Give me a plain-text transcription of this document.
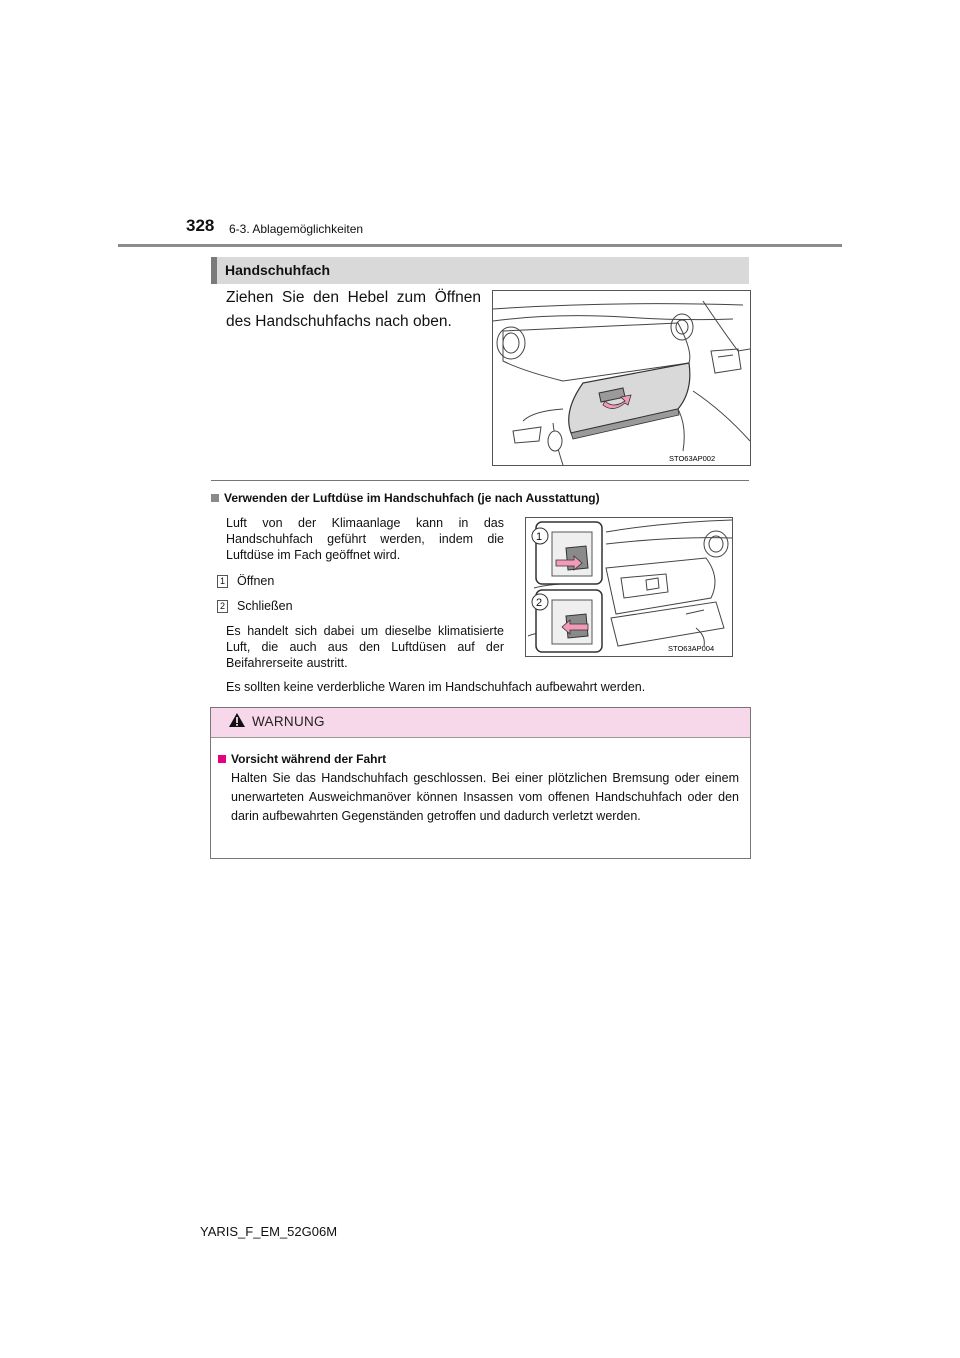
328 6-3. Ablagemöglichkeiten
Handschuhfach
Ziehen Sie den Hebel zum Öffnen des Handschuhfachs nach oben.
STO63AP002
Verwenden der Luftdüse im Handschuhfach (je nach Ausstattung)
Luft von der Klimaanlage kann in das Handschuhfach geführt werden, indem die Luftdüse im Fach geöffnet wird.
1 Öffnen
2 Schließen
Es handelt sich dabei um dieselbe klimatisierte Luft, die auch aus den Luftdüsen auf der Beifahrerseite austritt.
Es sollten keine verderbliche Waren im Handschuhfach aufbewahrt werden.
1
2
STO63AP004
WARNUNG
Vorsicht während der Fahrt
Halten Sie das Handschuhfach geschlossen. Bei einer plötzlichen Bremsung oder einem unerwarteten Ausweichmanöver können Insassen vom offenen Handschuhfach oder den darin aufbewahrten Gegenständen getroffen und dadurch verletzt werden.
YARIS_F_EM_52G06M
